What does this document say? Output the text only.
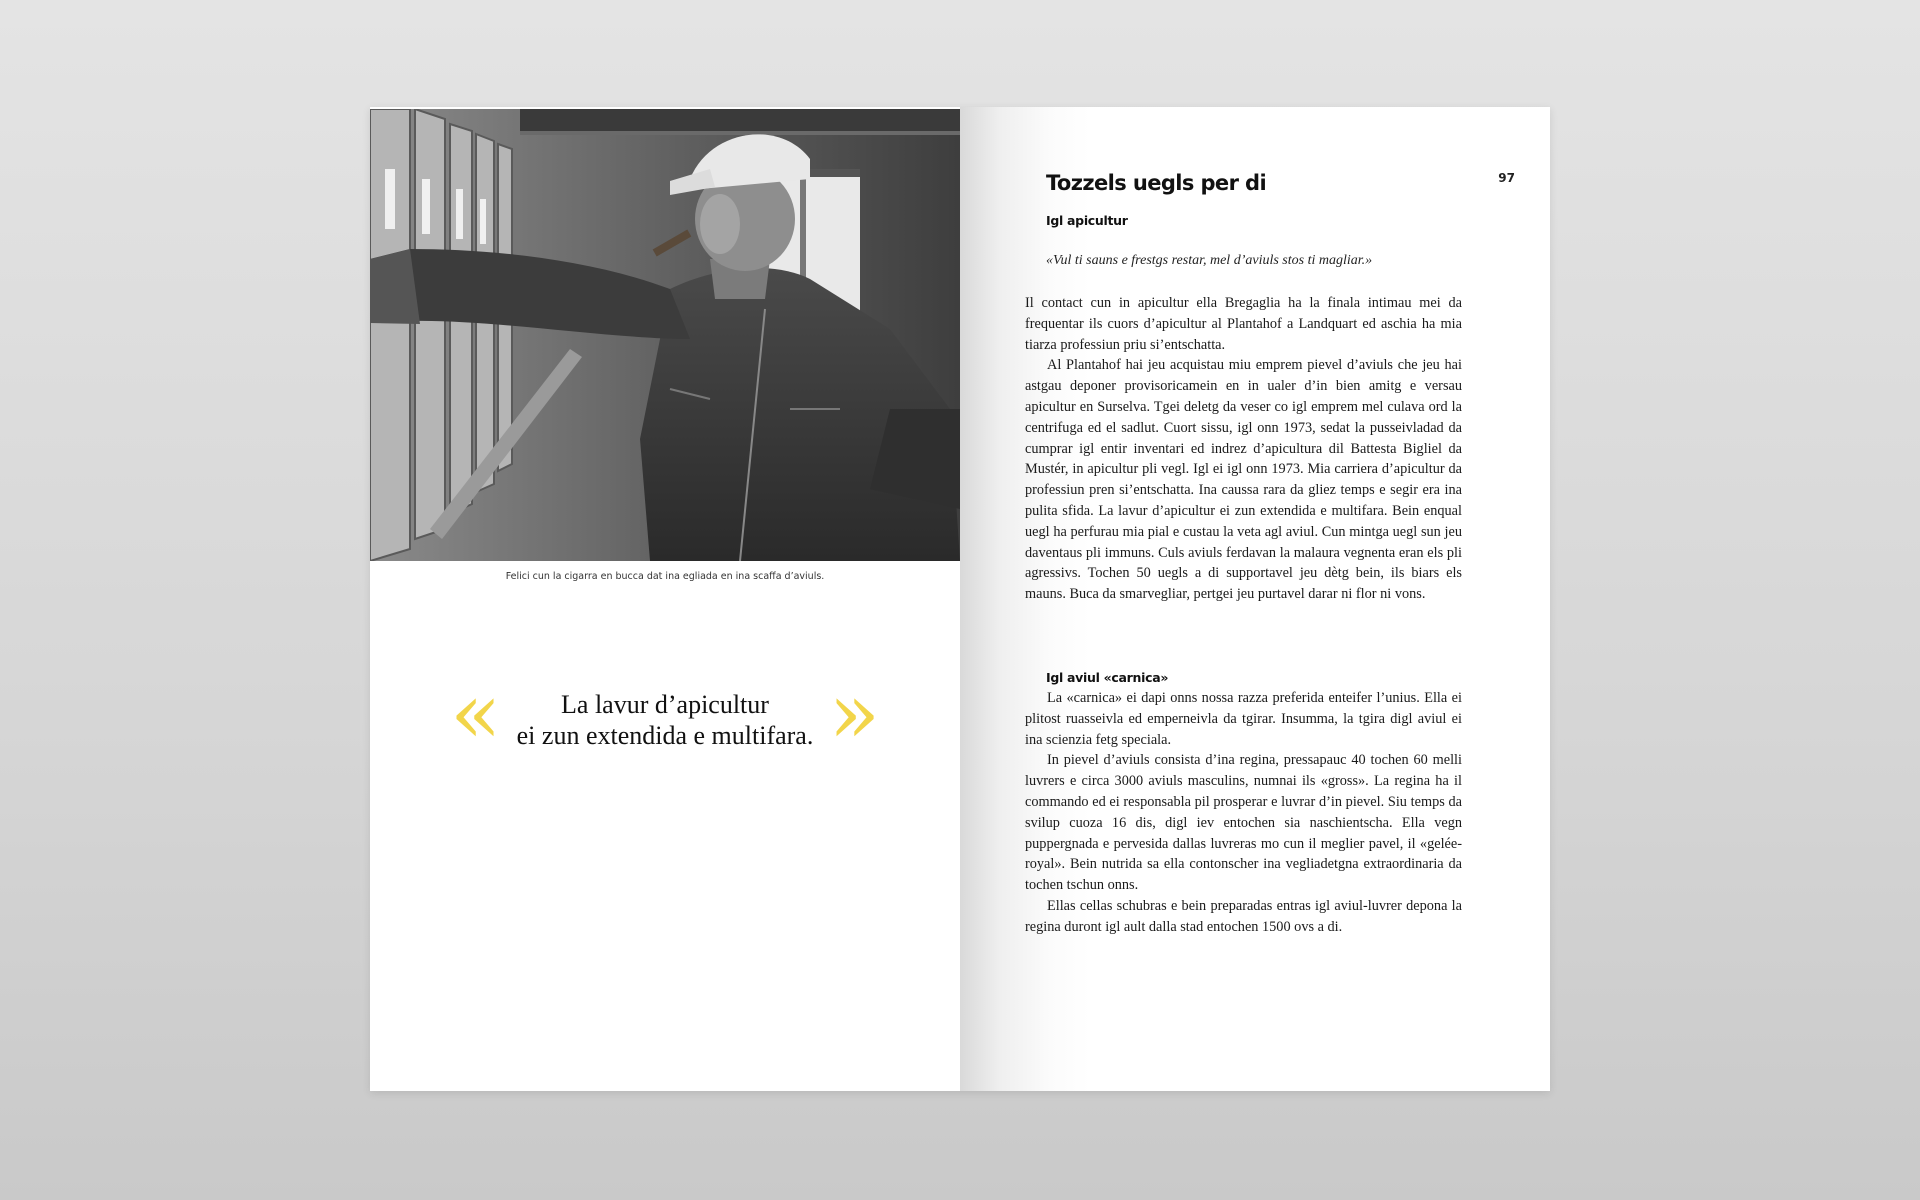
Felici cun la cigarra en bucca dat ina egliada en ina scaffa d’aviuls.
«	La lavur d’apicultur
ei zun extendida e multifara. »
Tozzels uegls per di	97
Igl apicultur
«Vul ti sauns e frestgs restar, mel d’aviuls stos ti magliar.»

Il contact cun in apicultur ella Bregaglia ha la finala intimau mei da frequentar ils cuors d’apicultur al Plantahof a Landquart ed aschia ha mia tiarza professiun priu si’entschatta.

Al Plantahof hai jeu acquistau miu emprem pievel d’aviuls che jeu hai astgau deponer provisoricamein en in ualer d’in bien amitg e versau apicultur en Surselva. Tgei deletg da veser co igl emprem mel culava ord la centrifuga ed el sadlut. Cuort sissu, igl onn 1973, sedat la pusseivladad da cumprar igl entir inventari ed indrez d’apicultura dil Battesta Bigliel da Mustér, in apicultur pli vegl. Igl ei igl onn 1973. Mia carriera d’apicultur da professiun pren si’entschatta. Ina caussa rara da gliez temps e segir era ina pulita sfida. La lavur d’apicultur ei zun extendida e multifara. Bein enqual uegl ha perfurau mia pial e custau la veta agl aviul. Cun mintga uegl sun jeu daventaus pli immuns. Culs aviuls ferdavan la malaura vegnenta eran els pli agressivs. Tochen 50 uegls a di supportavel jeu dètg bein, ils biars els mauns. Buca da smarvegliar, pertgei jeu purtavel darar ni flor ni vons.

Igl aviul «carnica»

La «carnica» ei dapi onns nossa razza preferida enteifer l’unius. Ella ei plitost ruasseivla ed emperneivla da tgirar. Insumma, la tgira digl aviul ei ina scienzia fetg speciala.

In pievel d’aviuls consista d’ina regina, pressapauc 40 tochen 60 melli luvrers e circa 3000 aviuls masculins, numnai ils «gross». La regina ha il commando ed ei responsabla pil prosperar e luvrar d’in pievel. Siu temps da svilup cuoza 16 dis, digl iev entochen sia naschientscha. Ella vegn puppergnada e pervesida dallas luvreras mo cun il meglier pavel, il «gelée-royal». Bein nutrida sa ella contonscher ina vegliadetgna extraordinaria da tochen tschun onns.

Ellas cellas schubras e bein preparadas entras igl aviul-luvrer depona la regina duront igl ault dalla stad entochen 1500 ovs a di.
